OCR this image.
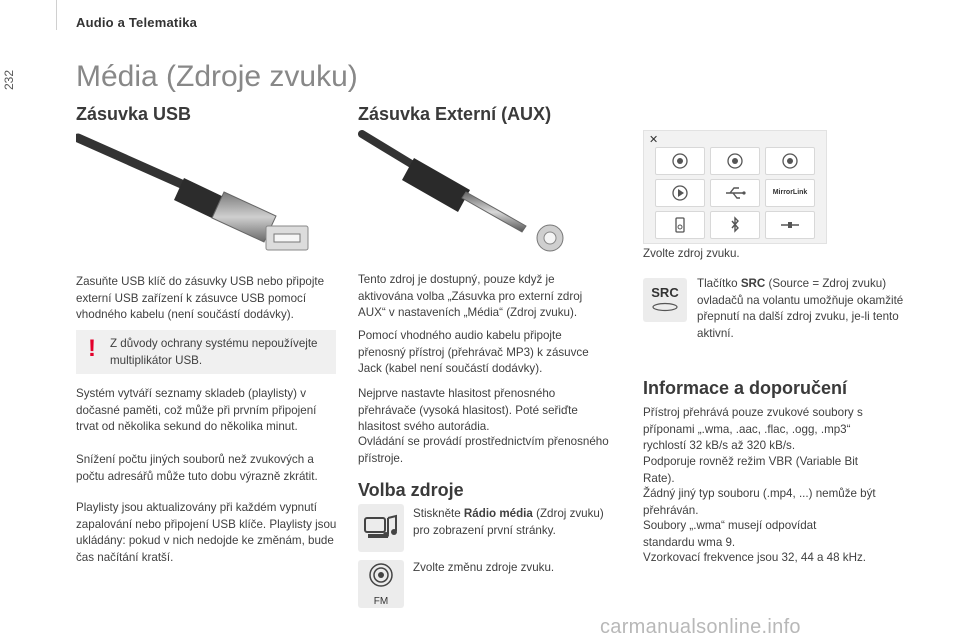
Audio a Telematika
232	Média (Zdroje zvuku)
Zásuvka USB
Zasuňte USB klíč do zásuvky USB nebo připojte externí USB zařízení k zásuvce USB pomocí vhodného kabelu (není součástí dodávky).
! Z důvody ochrany systému nepoužívejte multiplikátor USB.
Systém vytváří seznamy skladeb (playlisty) v dočasné paměti, což může při prvním připojení trvat od několika sekund do několika minut.
Snížení počtu jiných souborů než zvukových a počtu adresářů může tuto dobu výrazně zkrátit.
Playlisty jsou aktualizovány při každém vypnutí zapalování nebo připojení USB klíče. Playlisty jsou ukládány: pokud v nich nedojde ke změnám, bude čas načítání kratší.
Zásuvka Externí (AUX)
Tento zdroj je dostupný, pouze když je aktivována volba „Zásuvka pro externí zdroj AUX“ v nastaveních „Média“ (Zdroj zvuku).
Pomocí vhodného audio kabelu připojte přenosný přístroj (přehrávač MP3) k zásuvce Jack (kabel není součástí dodávky).
Nejprve nastavte hlasitost přenosného přehrávače (vysoká hlasitost). Poté seřiďte hlasitost svého autorádia.
Ovládání se provádí prostřednictvím přenosného přístroje.
Volba zdroje
Stiskněte Rádio média (Zdroj zvuku) pro zobrazení první stránky.
FM
Zvolte změnu zdroje zvuku.
✕
MirrorLink
Zvolte zdroj zvuku.
SRC
Tlačítko SRC (Source = Zdroj zvuku) ovladačů na volantu umožňuje okamžité přepnutí na další zdroj zvuku, je-li tento aktivní.
Informace a doporučení
Přístroj přehrává pouze zvukové soubory s příponami „.wma, .aac, .flac, .ogg, .mp3“ rychlostí 32 kB/s až 320 kB/s.
Podporuje rovněž režim VBR (Variable Bit Rate).
Žádný jiný typ souboru (.mp4, ...) nemůže být přehráván.
Soubory „.wma“ musejí odpovídat standardu wma 9.
Vzorkovací frekvence jsou 32, 44 a 48 kHz.
carmanualsonline.info
